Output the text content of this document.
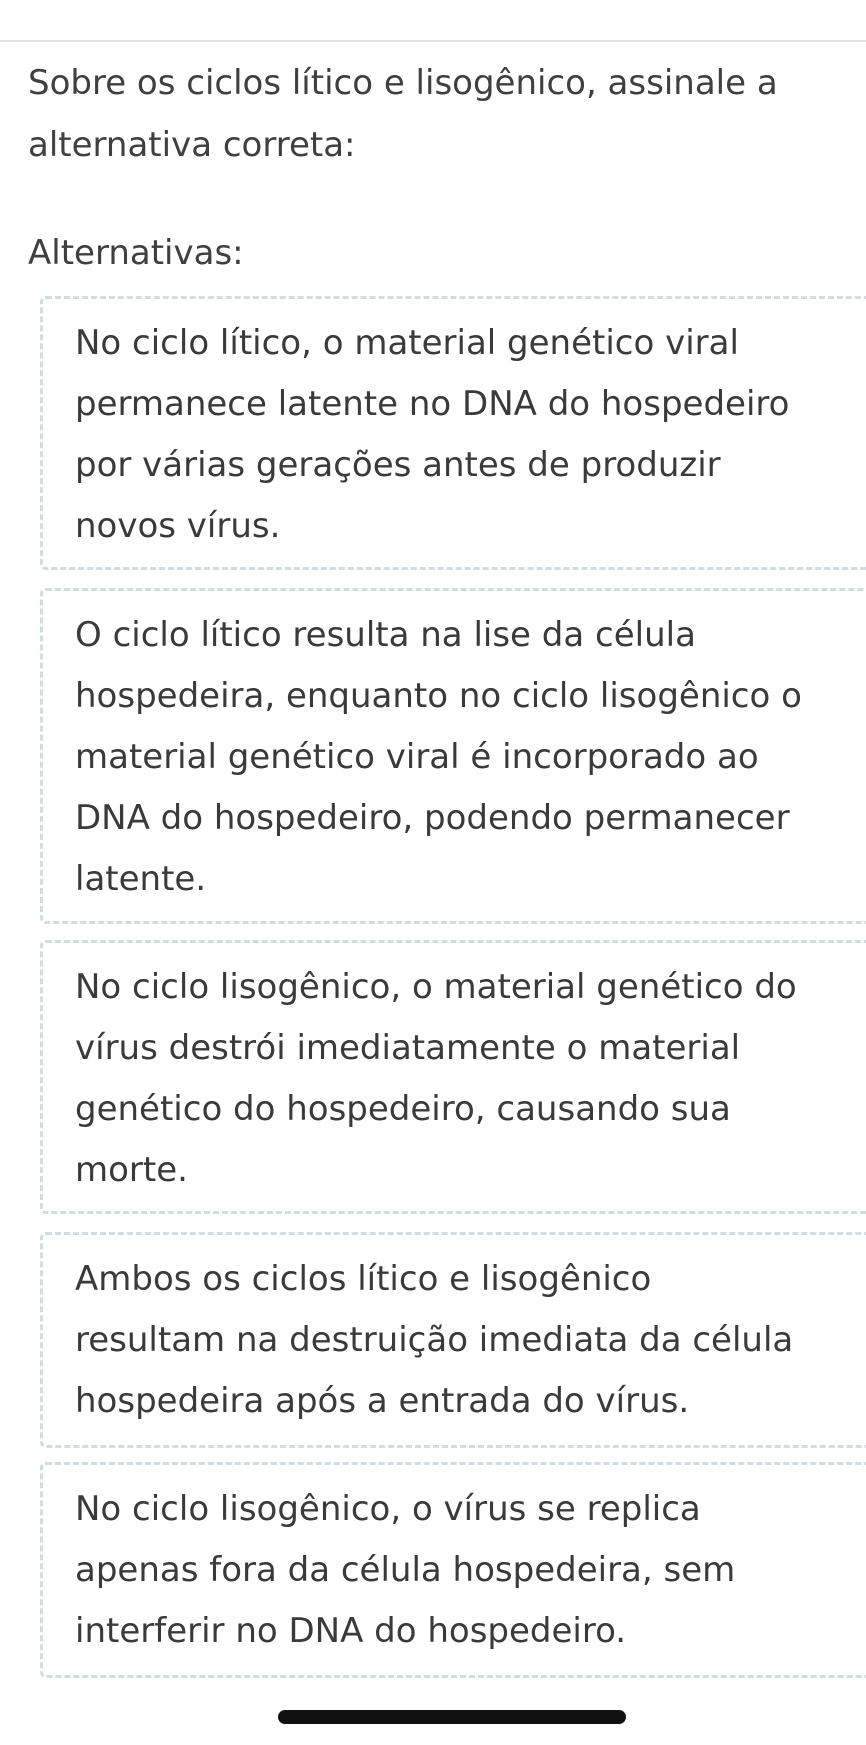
Sobre os ciclos lítico e lisogênico, assinale a alternativa correta:

Alternativas:

No ciclo lítico, o material genético viral
permanece latente no DNA do hospedeiro
por várias gerações antes de produzir
novos vírus.
O ciclo lítico resulta na lise da célula
hospedeira, enquanto no ciclo lisogênico o
material genético viral é incorporado ao
DNA do hospedeiro, podendo permanecer
latente.
No ciclo lisogênico, o material genético do
vírus destrói imediatamente o material
genético do hospedeiro, causando sua
morte.
Ambos os ciclos lítico e lisogênico
resultam na destruição imediata da célula
hospedeira após a entrada do vírus.
No ciclo lisogênico, o vírus se replica
apenas fora da célula hospedeira, sem
interferir no DNA do hospedeiro.
